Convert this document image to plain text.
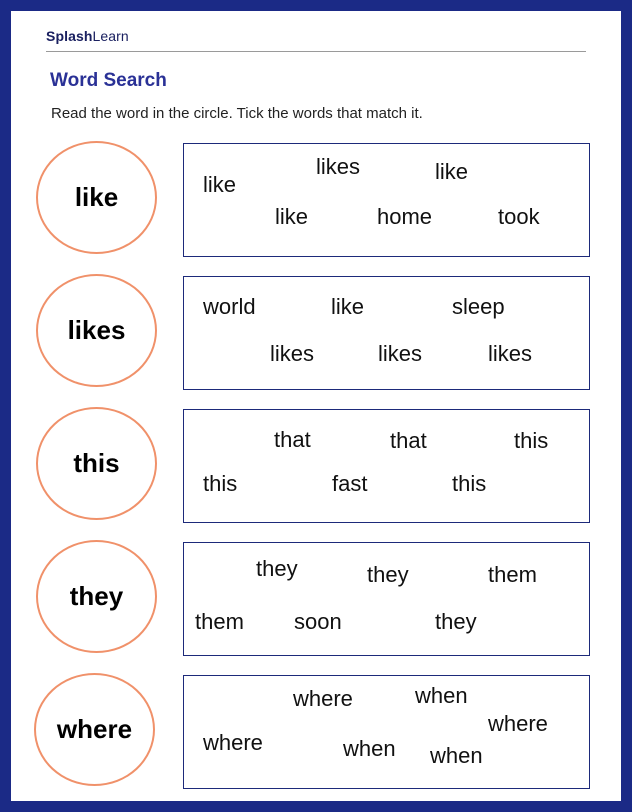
SplashLearn
Word Search
Read the word in the circle. Tick the words that match it.
like	like
likes	like
like	home	took
likes
world	like	sleep
likes	likes	likes
this
that	that	this
this	fast	this
they
they	they	them
them soon	they
where
where	when
where
where	when when
